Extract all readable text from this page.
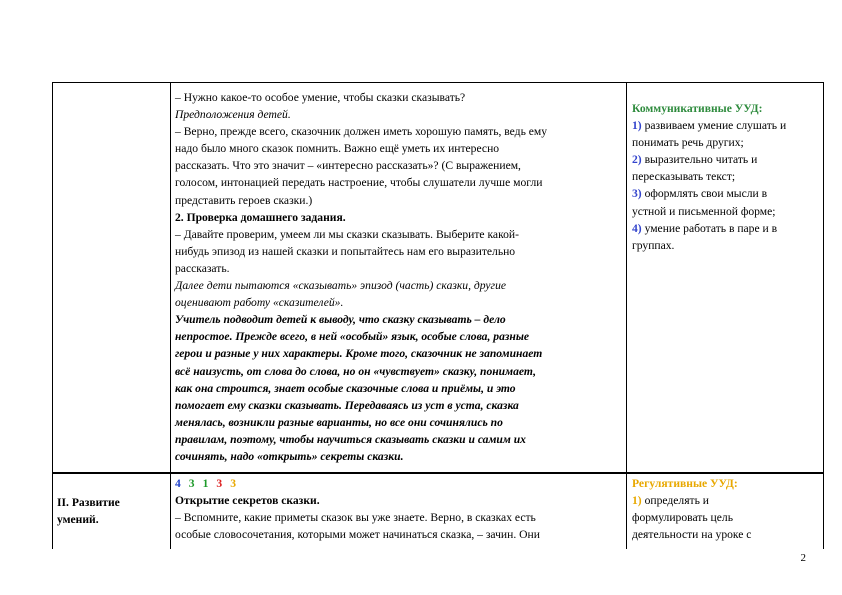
– Нужно какое-то особое умение, чтобы сказки сказывать?

Предположения детей.

– Верно, прежде всего, сказочник должен иметь хорошую память, ведь ему

надо было много сказок помнить. Важно ещё уметь их интересно

рассказать. Что это значит – «интересно рассказать»? (С выражением,

голосом, интонацией передать настроение, чтобы слушатели лучше могли

представить героев сказки.)

2. Проверка домашнего задания.

– Давайте проверим, умеем ли мы сказки сказывать. Выберите какой-

нибудь эпизод из нашей сказки и попытайтесь нам его выразительно

рассказать.

Далее дети пытаются «сказывать» эпизод (часть) сказки, другие

оценивают работу «сказителей».

Учитель подводит детей к выводу, что сказку сказывать – дело

непростое. Прежде всего, в ней «особый» язык, особые слова, разные

герои и разные у них характеры. Кроме того, сказочник не запоминает

всё наизусть, от слова до слова, но он «чувствует» сказку, понимает,

как она строится, знает особые сказочные слова и приёмы, и это

помогает ему сказки сказывать. Передаваясь из уст в уста, сказка

менялась, возникли разные варианты, но все они сочинялись по

правилам, поэтому, чтобы научиться сказывать сказки и самим их

сочинять, надо «открыть» секреты сказки.

Коммуникативные УУД:

1) развиваем умение слушать и

понимать речь других;

2) выразительно читать и

пересказывать текст;

3) оформлять свои мысли в

устной и письменной форме;

4) умение работать в паре и в

группах.

II. Развитие

умений.

4 3 1 3 3

Открытие секретов сказки.

– Вспомните, какие приметы сказок вы уже знаете. Верно, в сказках есть

особые словосочетания, которыми может начинаться сказка, – зачин. Они

Регулятивные УУД:

1) определять и

формулировать цель

деятельности на уроке с

2
